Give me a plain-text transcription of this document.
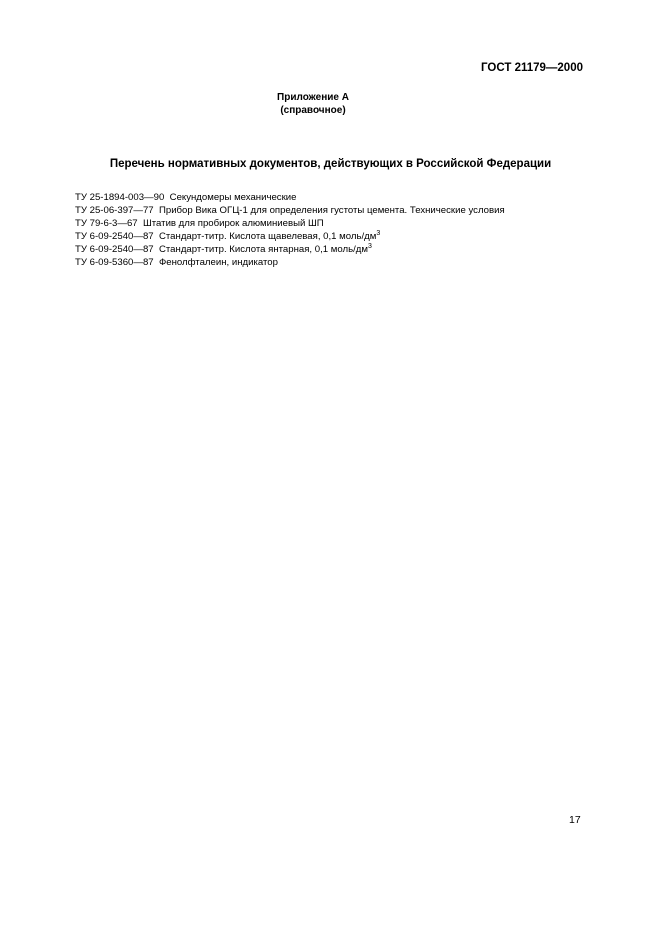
ГОСТ 21179—2000
Приложение А
(справочное)
Перечень нормативных документов, действующих в Российской Федерации
ТУ 25-1894-003—90 Секундомеры механические
ТУ 25-06-397—77 Прибор Вика ОГЦ-1 для определения густоты цемента. Технические условия
ТУ 79-6-3—67 Штатив для пробирок алюминиевый ШП
ТУ 6-09-2540—87 Стандарт-титр. Кислота щавелевая, 0,1 моль/$дм^3$
ТУ 6-09-2540—87 Стандарт-титр. Кислота янтарная, 0,1 моль/$дм^3$
ТУ 6-09-5360—87 Фенолфталеин, индикатор
17
